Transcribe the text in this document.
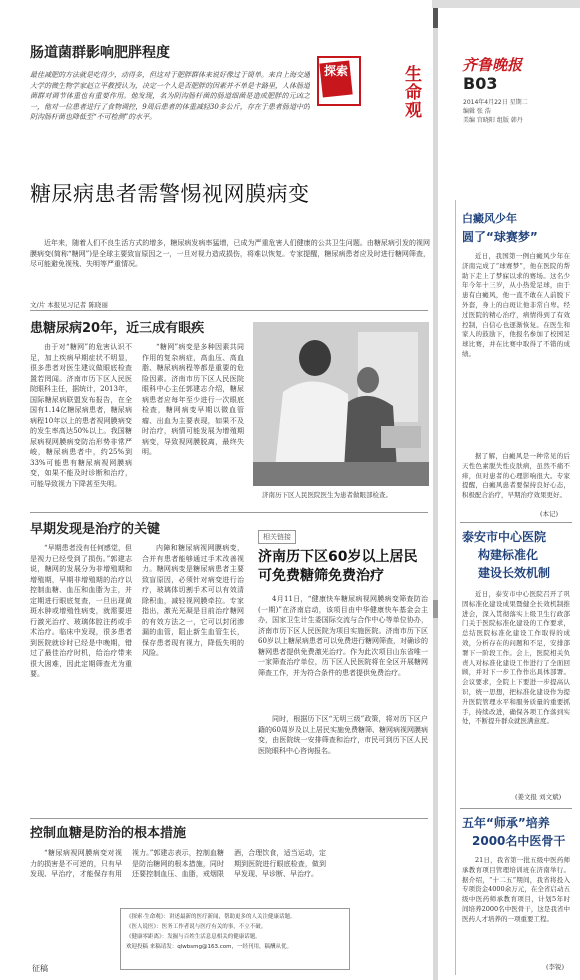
探索	生命观
齐鲁晚报
B03
2014年4月22日 星期二
编辑 张 浩
美编 宫晓阳 组版 韩丹
肠道菌群影响肥胖程度
最佳减肥的方法就是吃得少，动得多，但这对于肥胖群体来说好像过于简单。来自上海交通大学的微生物学家赵立平教授认为，决定一个人是否肥胖的因素并不单是卡路里，人体肠道菌群对调节体重也有重要作用。他发现，名为阴沟肠杆菌的肠道细菌是造成肥胖的元凶之一，他对一位患者进行了食物调控，9周后患者的体重减轻30多公斤，存在于患者肠道中的阴沟肠杆菌也降低至“不可检测”的水平。
糖尿病患者需警惕视网膜病变
近年来，随着人们不良生活方式的增多，糖尿病发病率猛增，已成为严重危害人们健康的公共卫生问题。由糖尿病引发的视网膜病变(简称“糖网”)是全球主要致盲原因之一，一旦对视力造成损伤，将难以恢复。专家提醒，糖尿病患者应及时进行糖网筛查，尽可能避免视残、失明等严重情况。
文/片 本报见习记者 陈晓丽
患糖尿病20年，近三成有眼疾
由于对“糖网”的危害认识不足，加上疾病早期症状不明显，很多患者对医生建议做眼底检查置若罔闻。济南市历下区人民医院眼科主任，据统计，2013年，国际糖尿病联盟发布报告，在全国有1.14亿糖尿病患者，糖尿病病程10年以上的患者视网膜病变的发生率高达50%以上。我国糖尿病视网膜病变防治形势非常严峻，糖尿病患者中，约25%到33%可能患有糖尿病视网膜病变，如果不能及时诊断和治疗，可能导致视力下降甚至失明。
“糖网”病变是多种因素共同作用的复杂病症，高血压、高血脂、糖尿病病程等都是重要的危险因素。济南市历下区人民医院眼科中心主任郭建志介绍，糖尿病患者应每年至少进行一次眼底检查，糖网病变早期以微血管瘤、出血为主要表现，如果不及时治疗，病情可能发展为增殖期病变，导致视网膜脱离，最终失明。
济南历下区人民医院医生为患者做眼部检查。
早期发现是治疗的关键
“早期患者没有任何感觉，但是视力已经受到了损伤。”郭建志说，糖网的发展分为非增殖期和增殖期，早期非增殖期的治疗以控制血糖、血压和血脂为主，并定期进行眼底复查，一旦出现黄斑水肿或增殖性病变，就需要进行激光治疗、玻璃体腔注药或手术治疗。临床中发现，很多患者到医院就诊时已经是中晚期，错过了最佳治疗时机，给治疗带来很大困难，因此定期筛查尤为重要。
内障和糖尿病视网膜病变，合并有患者能够通过手术改善视力。糖网病变是糖尿病患者主要致盲原因，必须针对病变进行治疗，玻璃体切割手术可以有效清除积血，减轻视网膜牵拉。专家指出，激光光凝是目前治疗糖网的有效方法之一，它可以封闭渗漏的血管，阻止新生血管生长，保存患者现有视力，降低失明的风险。
相关链接
济南历下区60岁以上居民可免费糖筛免费治疗
4月11日，“健康快车糖尿病视网膜病变筛查防治(一期)”在济南启动，该项目由中华健康快车基金会主办，国家卫生计生委国际交流与合作中心等单位协办，济南市历下区人民医院为项目实施医院。济南市历下区60岁以上糖尿病患者可以免费进行糖网筛查，对确诊的糖网患者提供免费激光治疗。作为此次项目山东省唯一一家筛查治疗单位，历下区人民医院将在全区开展糖网筛查工作，并为符合条件的患者提供免费治疗。
同时，根据历下区“无明三级”政策，将对历下区户籍的60周岁及以上居民实施免费糖筛、糖网病视网膜病变，由医院统一安排筛查和治疗，市民可到历下区人民医院眼科中心咨询报名。
控制血糖是防治的根本措施
“糖尿病视网膜病变对视力的损害是不可逆的，只有早发现、早治疗，才能保存有用视力。”郭建志表示，控制血糖是防治糖网的根本措施，同时还要控制血压、血脂，戒烟限酒，合理饮食，适当运动，定期到医院进行眼底检查，做到早发现、早诊断、早治疗。
《探索·生命观》：讲述最新的医疗新闻，帮助更多的人关注健康话题。
《医人说医》：医务工作者说与医疗有关的事，不立不破。
《健康零距离》：发掘与百姓生活息息相关的健康话题。
欢迎投稿 来稿请发：qlwbsmg@163.com，一经刊用，稿酬从优。
征稿
白癜风少年
圆了“球赛梦”
近日，我国第一例白癜风少年在济南完成了“球赛梦”，他在医院的帮助下走上了梦寐以求的赛场。这名少年今年十三岁，从小热爱足球，由于患有白癜风，他一直不敢在人前脱下外套，身上的白斑让他非常自卑。经过医院的精心治疗，病情得到了有效控制，自信心也逐渐恢复。在医生和家人的鼓励下，他报名参加了校园足球比赛，并在比赛中取得了不错的成绩。
据了解，白癜风是一种常见的后天性色素脱失性皮肤病，虽然不痛不痒，但对患者的心理影响很大。专家提醒，白癜风患者要保持良好心态，积极配合治疗，早期治疗效果更好。
(本记)
泰安市中心医院
构建标准化
建设长效机制
近日，泰安市中心医院召开了巩固标准化建设成果暨健全长效机制推进会，深入贯彻落实上级卫生行政部门关于医院标准化建设的工作要求，总结医院标准化建设工作取得的成效，分析存在的问题和不足，安排部署下一阶段工作。会上，医院相关负责人对标准化建设工作进行了全面回顾，并对下一步工作作出具体部署。会议要求，全院上下要进一步提高认识，统一思想，把标准化建设作为提升医院管理水平和服务质量的重要抓手，持续改进，确保各项工作落到实处，不断提升群众就医满意度。
(姜文报 刘文斌)
五年“师承”培养
2000名中医骨干
21日，我省第一批五级中医药师承教育项目管理培训班在济南举行。据介绍，“十二五”期间，我省将投入专项资金4000余万元，在全省启动五级中医药师承教育项目，计划5年时间培养2000名中医骨干，这是我省中医药人才培养的一项重要工程。
(李锐)
